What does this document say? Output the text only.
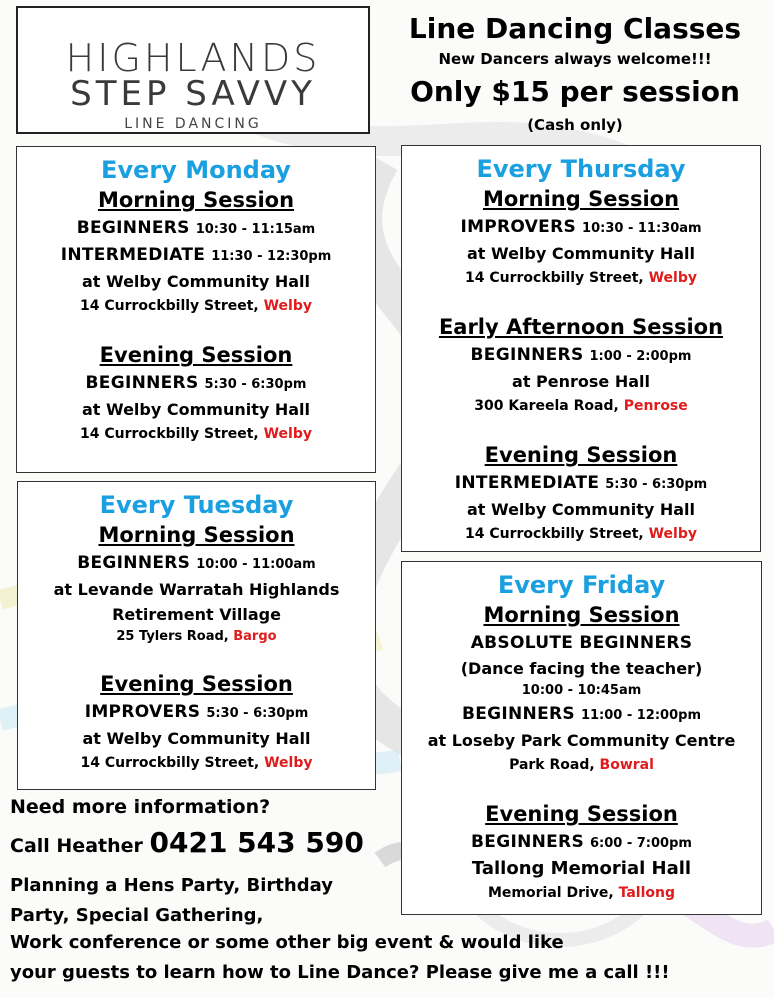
HIGHLANDS
STEP SAVVY
LINE DANCING
Line Dancing Classes
New Dancers always welcome!!!
Only $15 per session
(Cash only)
Every Monday
Morning Session
BEGINNERS 10:30 - 11:15am
INTERMEDIATE 11:30 - 12:30pm
at Welby Community Hall
14 Currockbilly Street, Welby
Evening Session
BEGINNERS 5:30 - 6:30pm
at Welby Community Hall
14 Currockbilly Street, Welby
Every Tuesday
Morning Session
BEGINNERS 10:00 - 11:00am
at Levande Warratah Highlands
Retirement Village
25 Tylers Road, Bargo
Evening Session
IMPROVERS 5:30 - 6:30pm
at Welby Community Hall
14 Currockbilly Street, Welby
Every Thursday
Morning Session
IMPROVERS 10:30 - 11:30am
at Welby Community Hall
14 Currockbilly Street, Welby
Early Afternoon Session
BEGINNERS 1:00 - 2:00pm
at Penrose Hall
300 Kareela Road, Penrose
Evening Session
INTERMEDIATE 5:30 - 6:30pm
at Welby Community Hall
14 Currockbilly Street, Welby
Every Friday
Morning Session
ABSOLUTE BEGINNERS
(Dance facing the teacher)
10:00 - 10:45am
BEGINNERS 11:00 - 12:00pm
at Loseby Park Community Centre
Park Road, Bowral
Evening Session
BEGINNERS 6:00 - 7:00pm
Tallong Memorial Hall
Memorial Drive, Tallong
Need more information?
Call Heather 0421 543 590
Planning a Hens Party, Birthday Party, Special Gathering,
Work conference or some other big event & would like
your guests to learn how to Line Dance? Please give me a call !!!
